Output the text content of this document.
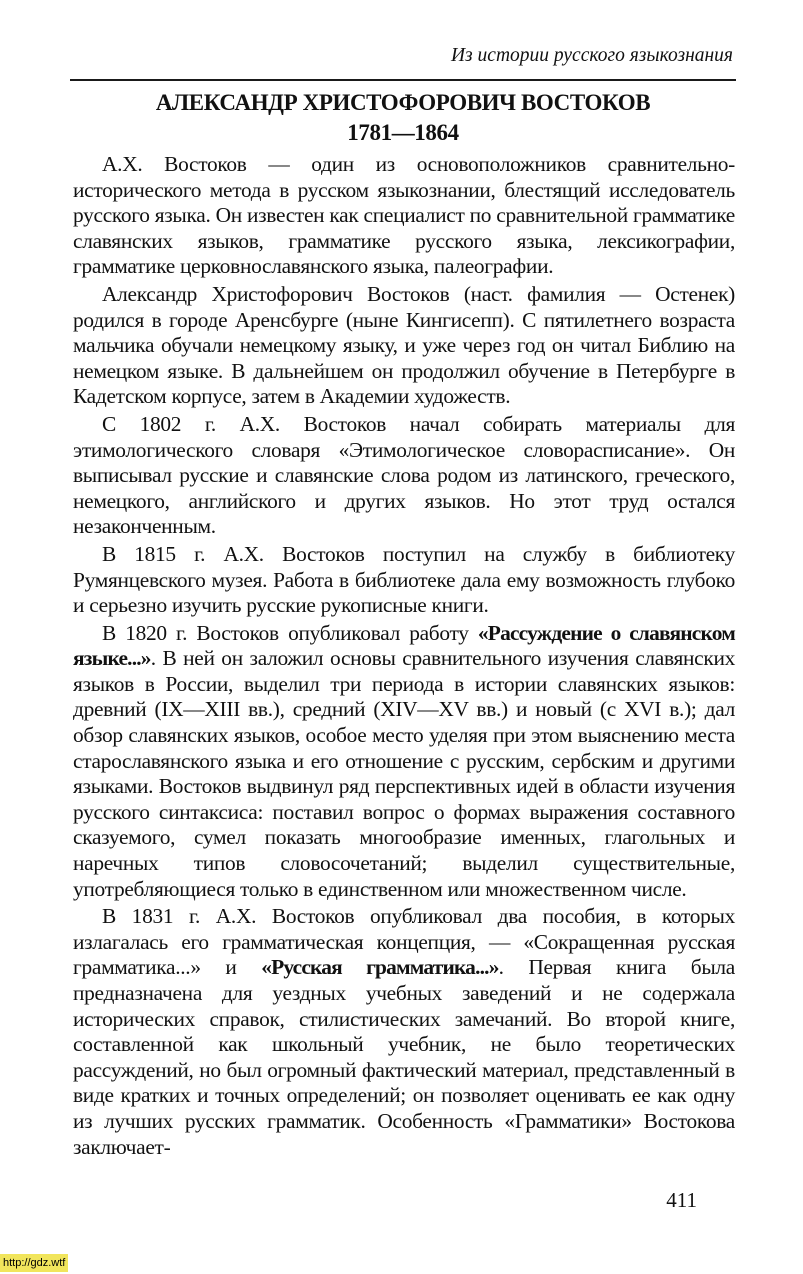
Из истории русского языкознания
АЛЕКСАНДР ХРИСТОФОРОВИЧ ВОСТОКОВ
1781—1864

А.Х. Востоков — один из основоположников сравнительно-исторического метода в русском языкознании, блестящий исследователь русского языка. Он известен как специалист по сравнительной грамматике славянских языков, грамматике русского языка, лексикографии, грамматике церковнославянского языка, палеографии.

Александр Христофорович Востоков (наст. фамилия — Остенек) родился в городе Аренсбурге (ныне Кингисепп). С пятилетнего возраста мальчика обучали немецкому языку, и уже через год он читал Библию на немецком языке. В дальнейшем он продолжил обучение в Петербурге в Кадетском корпусе, затем в Академии художеств.

С 1802 г. А.Х. Востоков начал собирать материалы для этимологического словаря «Этимологическое словорасписание». Он выписывал русские и славянские слова родом из латинского, греческого, немецкого, английского и других языков. Но этот труд остался незаконченным.

В 1815 г. А.Х. Востоков поступил на службу в библиотеку Румянцевского музея. Работа в библиотеке дала ему возможность глубоко и серьезно изучить русские рукописные книги.

В 1820 г. Востоков опубликовал работу «Рассуждение о славянском языке...». В ней он заложил основы сравнительного изучения славянских языков в России, выделил три периода в истории славянских языков: древний (IX—XIII вв.), средний (XIV—XV вв.) и новый (с XVI в.); дал обзор славянских языков, особое место уделяя при этом выяснению места старославянского языка и его отношение с русским, сербским и другими языками. Востоков выдвинул ряд перспективных идей в области изучения русского синтаксиса: поставил вопрос о формах выражения составного сказуемого, сумел показать многообразие именных, глагольных и наречных типов словосочетаний; выделил существительные, употребляющиеся только в единственном или множественном числе.

В 1831 г. А.Х. Востоков опубликовал два пособия, в которых излагалась его грамматическая концепция, — «Сокращенная русская грамматика...» и «Русская грамматика...». Первая книга была предназначена для уездных учебных заведений и не содержала исторических справок, стилистических замечаний. Во второй книге, составленной как школьный учебник, не было теоретических рассуждений, но был огромный фактический материал, представленный в виде кратких и точных определений; он позволяет оценивать ее как одну из лучших русских грамматик. Особенность «Грамматики» Востокова заключает-

411
http://gdz.wtf
